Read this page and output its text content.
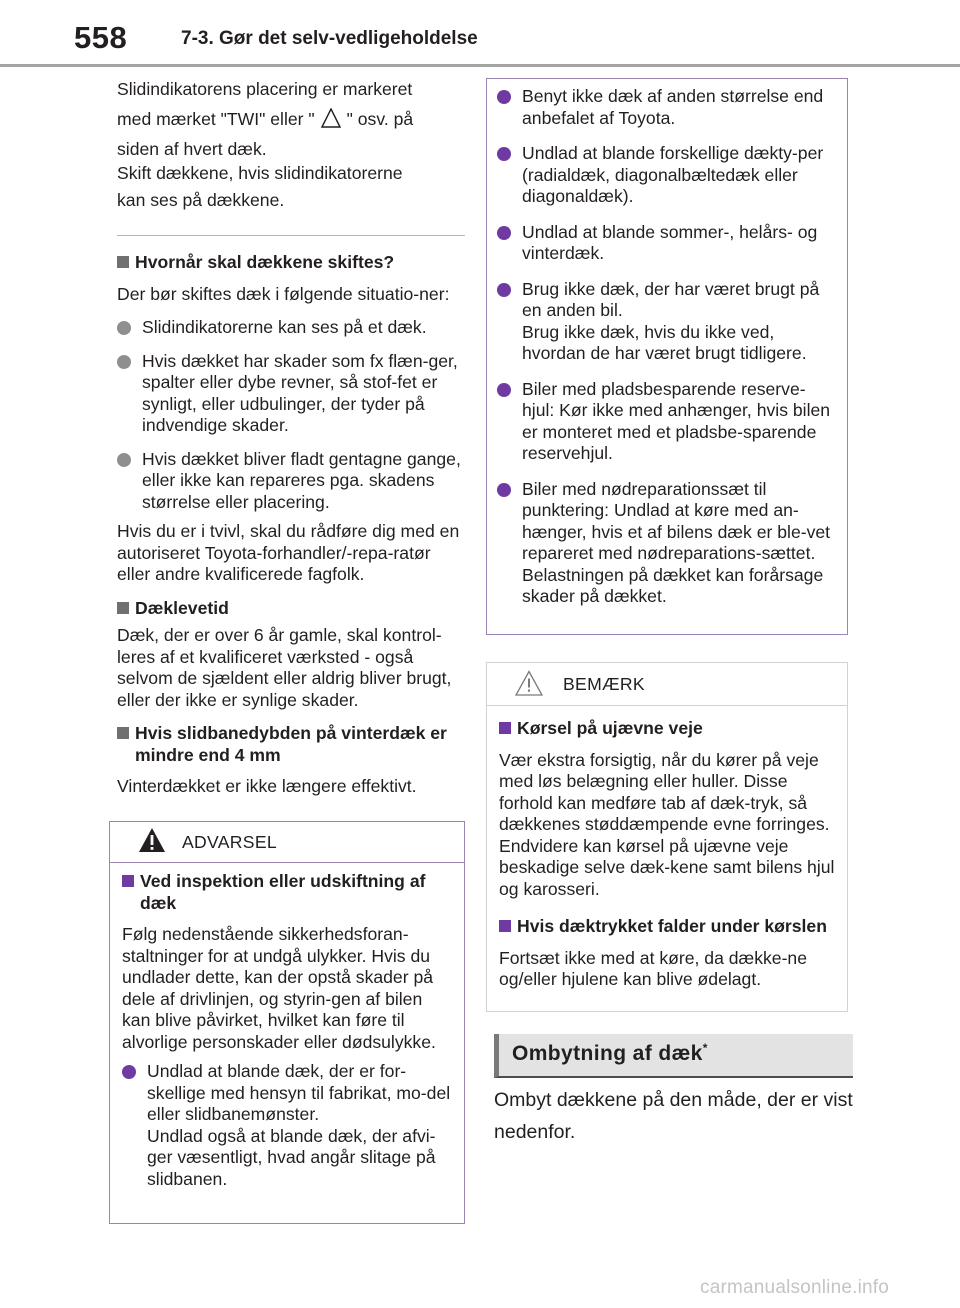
558	7-3. Gør det selv-vedligeholdelse
Slidindikatorens placering er markeret
med mærket "TWI" eller " " osv. på
siden af hvert dæk.
Skift dækkene, hvis slidindikatorerne
kan ses på dækkene.
Hvornår skal dækkene skiftes?

Der bør skiftes dæk i følgende situatio-ner:

Slidindikatorerne kan ses på et dæk.
Hvis dækket har skader som fx flæn-ger, spalter eller dybe revner, så stof-fet er synligt, eller udbulinger, der tyder på indvendige skader.
Hvis dækket bliver fladt gentagne gange, eller ikke kan repareres pga. skadens størrelse eller placering.

Hvis du er i tvivl, skal du rådføre dig med en autoriseret Toyota-forhandler/-repa-ratør eller andre kvalificerede fagfolk.

Dæklevetid

Dæk, der er over 6 år gamle, skal kontrol-leres af et kvalificeret værksted - også selvom de sjældent eller aldrig bliver brugt, eller der ikke er synlige skader.

Hvis slidbanedybden på vinterdæk er mindre end 4 mm

Vinterdækket er ikke længere effektivt.

ADVARSEL
Ved inspektion eller udskiftning af dæk

Følg nedenstående sikkerhedsforan-staltninger for at undgå ulykker. Hvis du undlader dette, kan der opstå skader på dele af drivlinjen, og styrin-gen af bilen kan blive påvirket, hvilket kan føre til alvorlige personskader eller dødsulykke.

Undlad at blande dæk, der er for-skellige med hensyn til fabrikat, mo-del eller slidbanemønster.
Undlad også at blande dæk, der afvi-ger væsentligt, hvad angår slitage på slidbanen.
Benyt ikke dæk af anden størrelse end anbefalet af Toyota.
Undlad at blande forskellige dækty-per (radialdæk, diagonalbæltedæk eller diagonaldæk).
Undlad at blande sommer-, helårs- og vinterdæk.
Brug ikke dæk, der har været brugt på en anden bil.
Brug ikke dæk, hvis du ikke ved, hvordan de har været brugt tidligere.
Biler med pladsbesparende reserve-hjul: Kør ikke med anhænger, hvis bilen er monteret med et pladsbe-sparende reservehjul.
Biler med nødreparationssæt til punktering: Undlad at køre med an-hænger, hvis et af bilens dæk er ble-vet repareret med nødreparations-sættet. Belastningen på dækket kan forårsage skader på dækket.
BEMÆRK
Kørsel på ujævne veje

Vær ekstra forsigtig, når du kører på veje med løs belægning eller huller. Disse forhold kan medføre tab af dæk-tryk, så dækkenes støddæmpende evne forringes. Endvidere kan kørsel på ujævne veje beskadige selve dæk-kene samt bilens hjul og karosseri.

Hvis dæktrykket falder under kørslen

Fortsæt ikke med at køre, da dække-ne og/eller hjulene kan blive ødelagt.

Ombytning af dæk*

Ombyt dækkene på den måde, der er vist nedenfor.

carmanualsonline.info
